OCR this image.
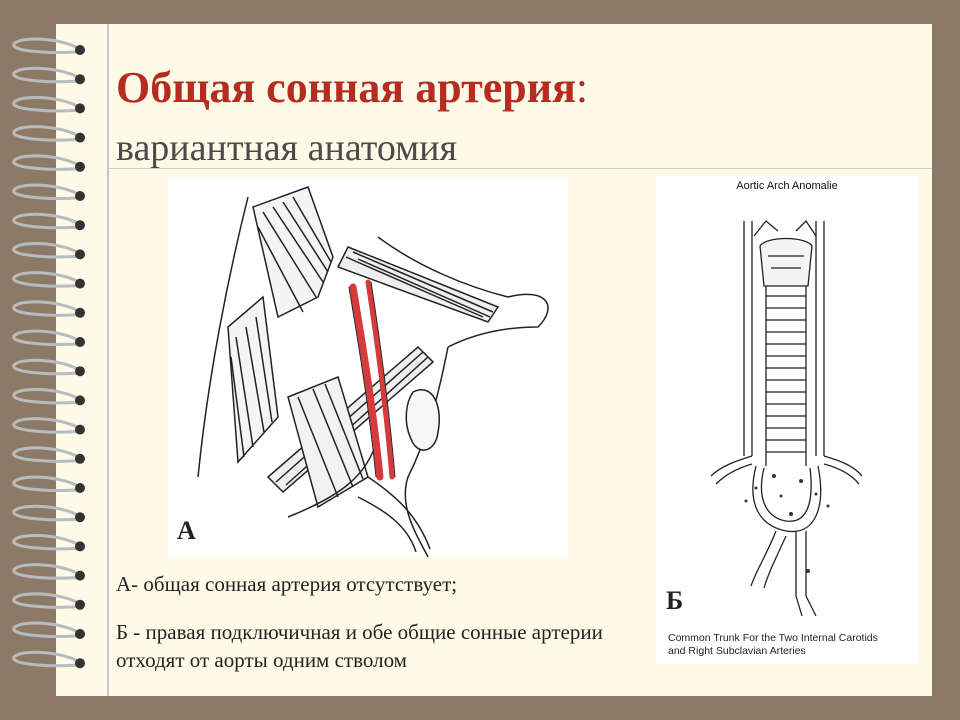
Общая сонная артерия:
вариантная анатомия
А
Aortic Arch Anomalie
Common Trunk For the Two Internal Carotids
and Right Subclavian Arteries
Б
А- общая сонная артерия отсутствует;
Б - правая подключичная и обе общие сонные артерии отходят от аорты одним стволом
